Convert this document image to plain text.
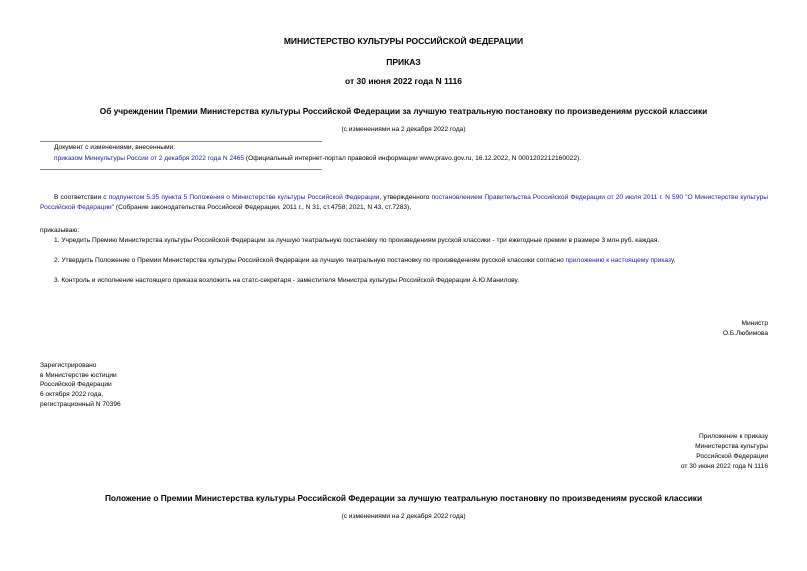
МИНИСТЕРСТВО КУЛЬТУРЫ РОССИЙСКОЙ ФЕДЕРАЦИИ
ПРИКАЗ
от 30 июня 2022 года N 1116
Об учреждении Премии Министерства культуры Российской Федерации за лучшую театральную постановку по произведениям русской классики
(с изменениями на 2 декабря 2022 года)
Документ с изменениями, внесенными:
приказом Минкультуры России от 2 декабря 2022 года N 2465 (Официальный интернет-портал правовой информации www.pravo.gov.ru, 16.12.2022, N 0001202212160022).
В соответствии с подпунктом 5.35 пункта 5 Положения о Министерстве культуры Российской Федерации, утвержденного постановлением Правительства Российской Федерации от 20 июля 2011 г. N 590 "О Министерстве культуры Российской Федерации" (Собрание законодательства Российской Федерации, 2011 г., N 31, ст.4758; 2021, N 43, ст.7283),
приказываю:
1. Учредить Премию Министерства культуры Российской Федерации за лучшую театральную постановку по произведениям русской классики - три ежегодные премии в размере 3 млн руб. каждая.
2. Утвердить Положение о Премии Министерства культуры Российской Федерации за лучшую театральную постановку по произведениям русской классики согласно приложению к настоящему приказу.
3. Контроль и исполнение настоящего приказа возложить на статс-секретаря - заместителя Министра культуры Российской Федерации А.Ю.Манилову.
Министр
О.Б.Любимова
Зарегистрировано
в Министерстве юстиции
Российской Федерации
6 октября 2022 года,
регистрационный N 70396
Приложение к приказу
Министерства культуры
Российской Федерации
от 30 июня 2022 года N 1116
Положение о Премии Министерства культуры Российской Федерации за лучшую театральную постановку по произведениям русской классики
(с изменениями на 2 декабря 2022 года)
